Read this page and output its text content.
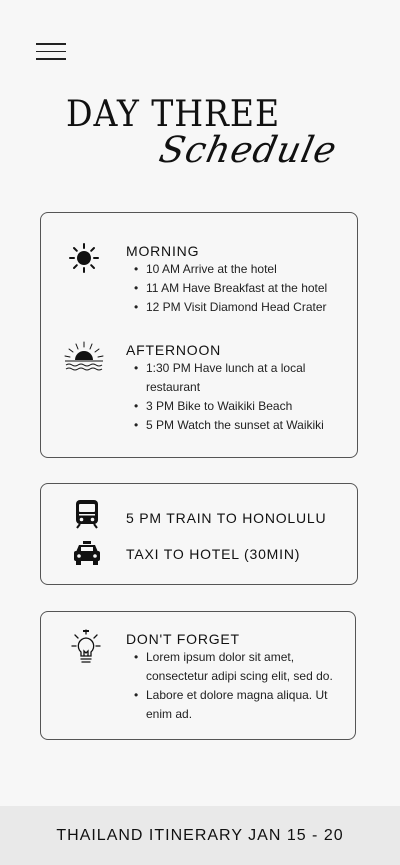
DAY THREE
Schedule
MORNING
• 10 AM Arrive at the hotel
• 11 AM Have Breakfast at the hotel
• 12 PM Visit Diamond Head Crater
AFTERNOON
• 1:30 PM Have lunch at a local restaurant
• 3 PM Bike to Waikiki Beach
• 5 PM Watch the sunset at Waikiki
5 PM TRAIN TO HONOLULU
TAXI TO HOTEL (30MIN)
DON'T FORGET
• Lorem ipsum dolor sit amet, consectetur adipi scing elit, sed do.
• Labore et dolore magna aliqua. Ut enim ad.
THAILAND ITINERARY JAN 15 - 20
